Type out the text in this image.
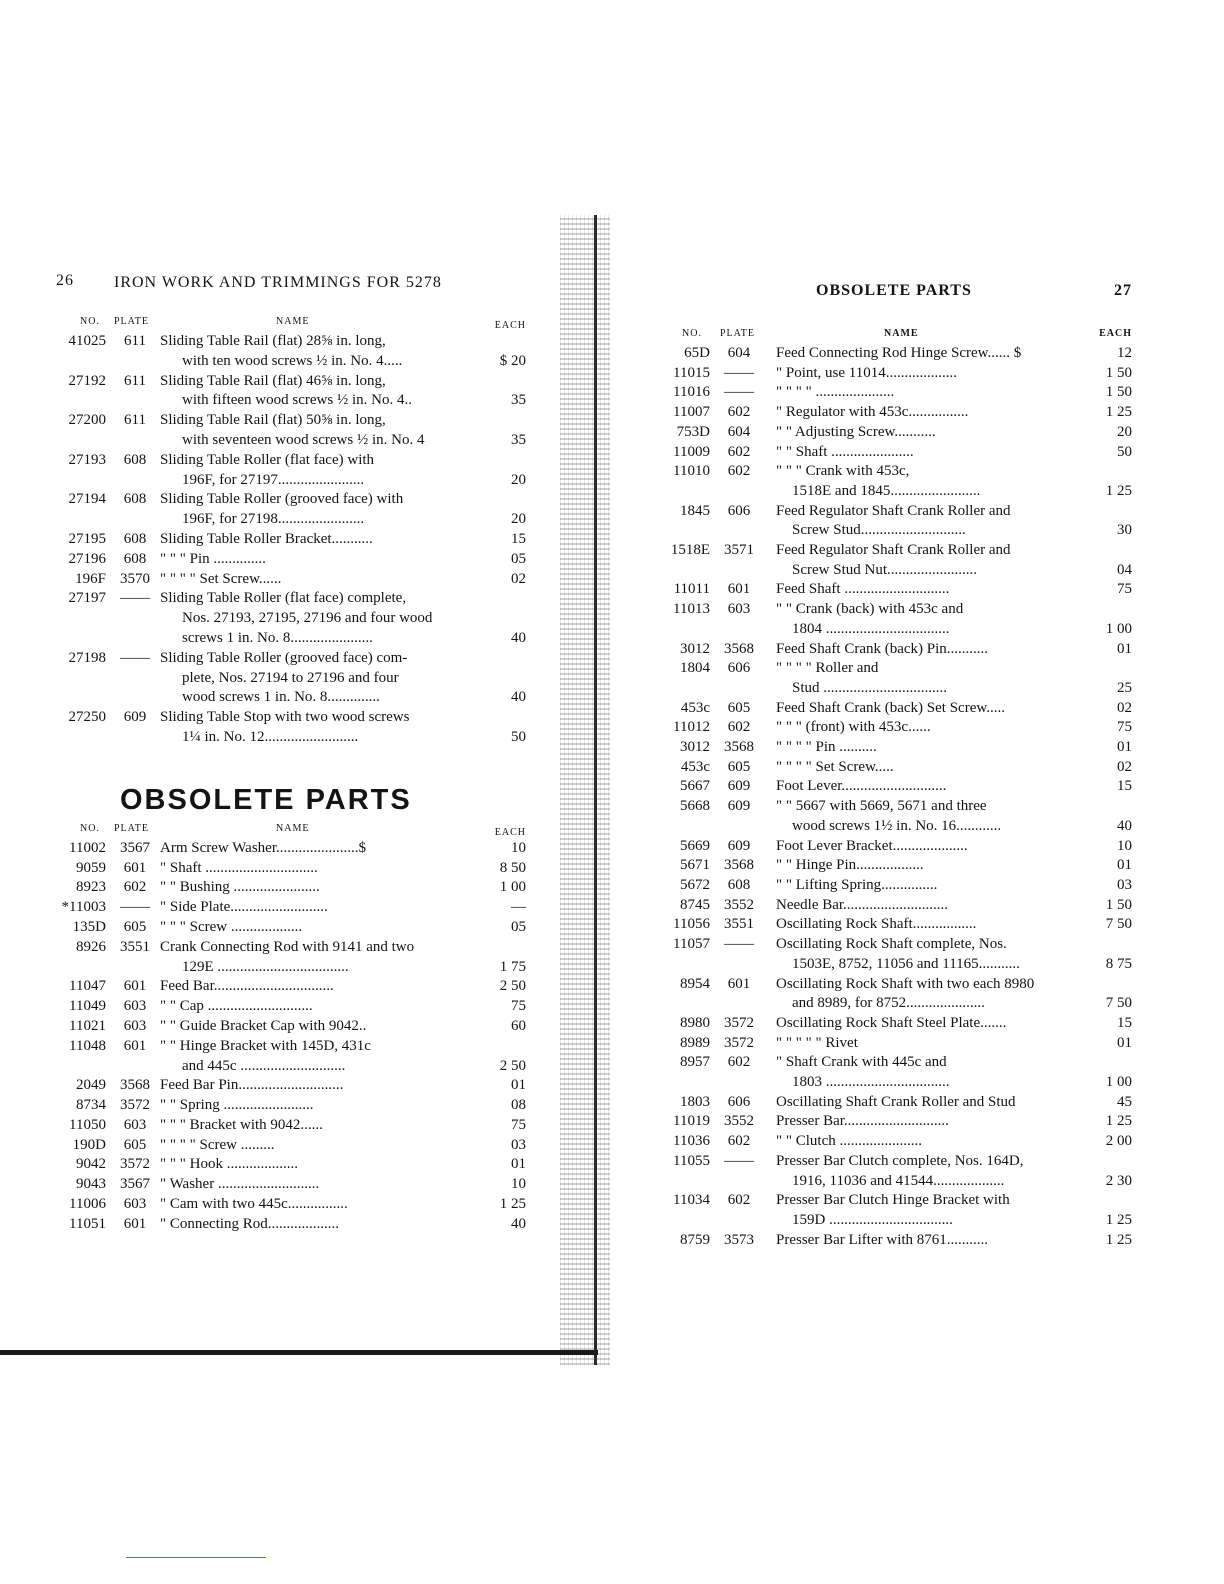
26	IRON WORK AND TRIMMINGS FOR 5278
NO. PLATE	NAME	EACH
41025	611 Sliding Table Rail (flat) 28⅝ in. long,
with ten wood screws ½ in. No. 4.....	$ 20
27192	611 Sliding Table Rail (flat) 46⅝ in. long,
with fifteen wood screws ½ in. No. 4..	35
27200	611 Sliding Table Rail (flat) 50⅝ in. long,
with seventeen wood screws ½ in. No. 4	35
27193	608 Sliding Table Roller (flat face) with
196F, for 27197.......................	20
27194	608 Sliding Table Roller (grooved face) with
196F, for 27198.......................	20
27195	608 Sliding Table Roller Bracket...........	15
27196	608 " " " Pin ..............	05
196F 3570 " " " " Set Screw......	02
27197 —— Sliding Table Roller (flat face) complete,
Nos. 27193, 27195, 27196 and four wood
screws 1 in. No. 8......................	40
27198 —— Sliding Table Roller (grooved face) com-
plete, Nos. 27194 to 27196 and four
wood screws 1 in. No. 8..............	40
27250	609 Sliding Table Stop with two wood screws
1¼ in. No. 12.........................	50
OBSOLETE PARTS
NO. PLATE	NAME	EACH
11002 3567 Arm Screw Washer......................$	10
9059	601 " Shaft ..............................	8 50
8923	602 " " Bushing .......................	1 00
*11003 —— " Side Plate..........................	—
135D	605 " " " Screw ...................	05
8926 3551 Crank Connecting Rod with 9141 and two
129E ...................................	1 75
11047	601 Feed Bar................................	2 50
11049	603 " " Cap ............................	75
11021	603 " " Guide Bracket Cap with 9042..	60
11048	601 " " Hinge Bracket with 145D, 431c
and 445c ............................	2 50
2049 3568 Feed Bar Pin............................	01
8734 3572 " " Spring ........................	08
11050	603 " " " Bracket with 9042......	75
190D	605 " " " " Screw .........	03
9042 3572 " " " Hook ...................	01
9043 3567 " Washer ...........................	10
11006	603 " Cam with two 445c................	1 25
11051	601 " Connecting Rod...................	40
OBSOLETE PARTS	27
NO. PLATE	NAME	EACH
65D	604	Feed Connecting Rod Hinge Screw...... $	12
11015 ——	" Point, use 11014...................	1 50
11016 ——	" " " " .....................	1 50
11007	602	" Regulator with 453c................	1 25
753D	604	" " Adjusting Screw...........	20
11009	602	" " Shaft ......................	50
11010	602	" " " Crank with 453c,
1518E and 1845........................	1 25
1845	606	Feed Regulator Shaft Crank Roller and
Screw Stud............................	30
1518E 3571	Feed Regulator Shaft Crank Roller and
Screw Stud Nut........................	04
11011	601	Feed Shaft ............................	75
11013	603	" " Crank (back) with 453c and
1804 .................................	1 00
3012 3568	Feed Shaft Crank (back) Pin...........	01
1804	606	" " " " Roller and
Stud .................................	25
453c	605	Feed Shaft Crank (back) Set Screw.....	02
11012	602	" " " (front) with 453c......	75
3012 3568	" " " " Pin ..........	01
453c	605	" " " " Set Screw.....	02
5667	609	Foot Lever............................	15
5668	609	" " 5667 with 5669, 5671 and three
wood screws 1½ in. No. 16............	40
5669	609	Foot Lever Bracket....................	10
5671 3568	" " Hinge Pin..................	01
5672	608	" " Lifting Spring...............	03
8745 3552	Needle Bar............................	1 50
11056 3551	Oscillating Rock Shaft.................	7 50
11057 ——	Oscillating Rock Shaft complete, Nos.
1503E, 8752, 11056 and 11165...........	8 75
8954	601	Oscillating Rock Shaft with two each 8980
and 8989, for 8752.....................	7 50
8980 3572	Oscillating Rock Shaft Steel Plate.......	15
8989 3572	" " " " " Rivet	01
8957	602	" Shaft Crank with 445c and
1803 .................................	1 00
1803	606	Oscillating Shaft Crank Roller and Stud	45
11019 3552	Presser Bar............................	1 25
11036	602	" " Clutch ......................	2 00
11055 ——	Presser Bar Clutch complete, Nos. 164D,
1916, 11036 and 41544...................	2 30
11034	602	Presser Bar Clutch Hinge Bracket with
159D .................................	1 25
8759 3573	Presser Bar Lifter with 8761...........	1 25
